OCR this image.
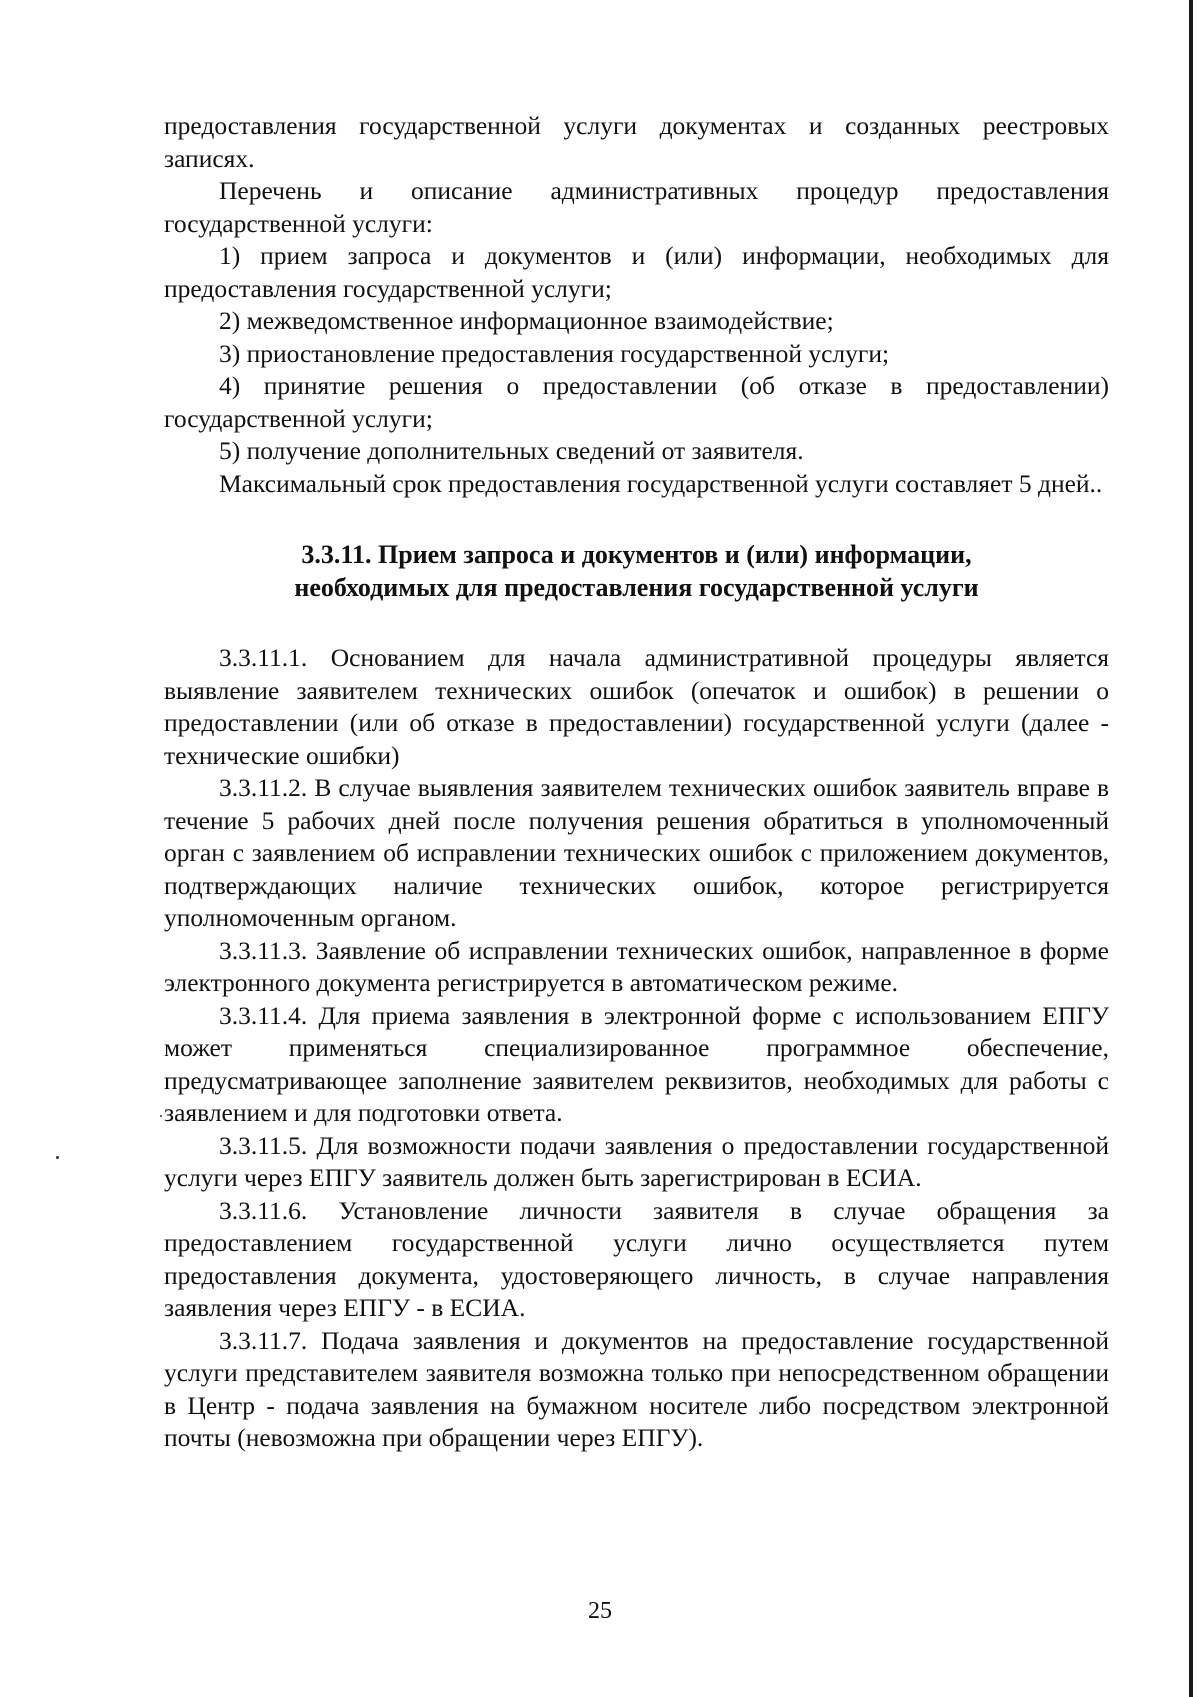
предоставления государственной услуги документах и созданных реестровых

записях.

Перечень и описание административных процедур предоставления государственной услуги:

1) прием запроса и документов и (или) информации, необходимых для предоставления государственной услуги;

2) межведомственное информационное взаимодействие;

3) приостановление предоставления государственной услуги;

4) принятие решения о предоставлении (об отказе в предоставлении) государственной услуги;

5) получение дополнительных сведений от заявителя.

Максимальный срок предоставления государственной услуги составляет 5 дней..

3.3.11. Прием запроса и документов и (или) информации,
необходимых для предоставления государственной услуги

3.3.11.1. Основанием для начала административной процедуры является выявление заявителем технических ошибок (опечаток и ошибок) в решении о предоставлении (или об отказе в предоставлении) государственной услуги (далее - технические ошибки)

3.3.11.2. В случае выявления заявителем технических ошибок заявитель вправе в течение 5 рабочих дней после получения решения обратиться в уполномоченный орган с заявлением об исправлении технических ошибок с приложением документов, подтверждающих наличие технических ошибок, которое регистрируется уполномоченным органом.

3.3.11.3. Заявление об исправлении технических ошибок, направленное в форме электронного документа регистрируется в автоматическом режиме.

3.3.11.4. Для приема заявления в электронной форме с использованием ЕПГУ может применяться специализированное программное обеспечение, предусматривающее заполнение заявителем реквизитов, необходимых для работы с заявлением и для подготовки ответа.

3.3.11.5. Для возможности подачи заявления о предоставлении государственной услуги через ЕПГУ заявитель должен быть зарегистрирован в ЕСИА.

3.3.11.6. Установление личности заявителя в случае обращения за предоставлением государственной услуги лично осуществляется путем предоставления документа, удостоверяющего личность, в случае направления заявления через ЕПГУ - в ЕСИА.

3.3.11.7. Подача заявления и документов на предоставление государственной услуги представителем заявителя возможна только при непосредственном обращении в Центр - подача заявления на бумажном носителе либо посредством электронной почты (невозможна при обращении через ЕПГУ).

25
